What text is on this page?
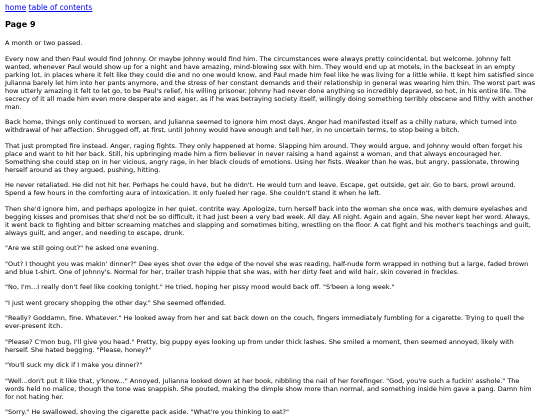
home table of contents
Page 9

A month or two passed.

Every now and then Paul would find Johnny. Or maybe Johnny would find him. The circumstances were always pretty coincidental, but welcome. Johnny felt wanted, whenever Paul would show up for a night and have amazing, mind-blowing sex with him. They would end up at motels, in the backseat in an empty parking lot, in places where it felt like they could die and no one would know, and Paul made him feel like he was living for a little while. It kept him satisfied since Julianna barely let him into her pants anymore, and the stress of her constant demands and their relationship in general was wearing him thin. The worst part was how utterly amazing it felt to let go, to be Paul's relief, his willing prisoner. Johnny had never done anything so incredibly depraved, so hot, in his entire life. The secrecy of it all made him even more desperate and eager, as if he was betraying society itself, willingly doing something terribly obscene and filthy with another man.

Back home, things only continued to worsen, and Julianna seemed to ignore him most days. Anger had manifested itself as a chilly nature, which turned into withdrawal of her affection. Shrugged off, at first, until Johnny would have enough and tell her, in no uncertain terms, to stop being a bitch.

That just prompted fire instead. Anger, raging fights. They only happened at home. Slapping him around. They would argue, and Johnny would often forget his place and want to hit her back. Still, his upbringing made him a firm believer in never raising a hand against a woman, and that always encouraged her. Something she could step on in her vicious, angry rage, in her black clouds of emotions. Using her fists. Weaker than he was, but angry, passionate, throwing herself around as they argued, pushing, hitting.

He never retaliated. He did not hit her. Perhaps he could have, but he didn't. He would turn and leave. Escape, get outside, get air. Go to bars, prowl around. Spend a few hours in the comforting aura of intoxication. It only fueled her rage. She couldn't stand it when he left.

Then she'd ignore him, and perhaps apologize in her quiet, contrite way. Apologize, turn herself back into the woman she once was, with demure eyelashes and begging kisses and promises that she'd not be so difficult, it had just been a very bad week. All day. All night. Again and again. She never kept her word. Always, it went back to fighting and bitter screaming matches and slapping and sometimes biting, wrestling on the floor. A cat fight and his mother's teachings and guilt, always guilt, and anger, and needing to escape, drunk.

"Are we still going out?" he asked one evening.

"Out? I thought you was makin' dinner?" Dee eyes shot over the edge of the novel she was reading, half-nude form wrapped in nothing but a large, faded brown and blue t-shirt. One of Johnny's. Normal for her, trailer trash hippie that she was, with her dirty feet and wild hair, skin covered in freckles.

"No, I'm...I really don't feel like cooking tonight." He tried, hoping her pissy mood would back off. "S'been a long week."

"I just went grocery shopping the other day." She seemed offended.

"Really? Goddamn, fine. Whatever." He looked away from her and sat back down on the couch, fingers immediately fumbling for a cigarette. Trying to quell the ever-present itch.

"Please? C'mon bug, I'll give you head." Pretty, big puppy eyes looking up from under thick lashes. She smiled a moment, then seemed annoyed, likely with herself. She hated begging. "Please, honey?"

"You'll suck my dick if I make you dinner?"

"Well...don't put it like that, y'know..." Annoyed, Julianna looked down at her book, nibbling the nail of her forefinger. "God, you're such a fuckin' asshole." The words held no malice, though the tone was snappish. She pouted, making the dimple show more than normal, and something inside him gave a pang. Damn him for not hating her.

"Sorry." He swallowed, shoving the cigarette pack aside. "What're you thinking to eat?"
